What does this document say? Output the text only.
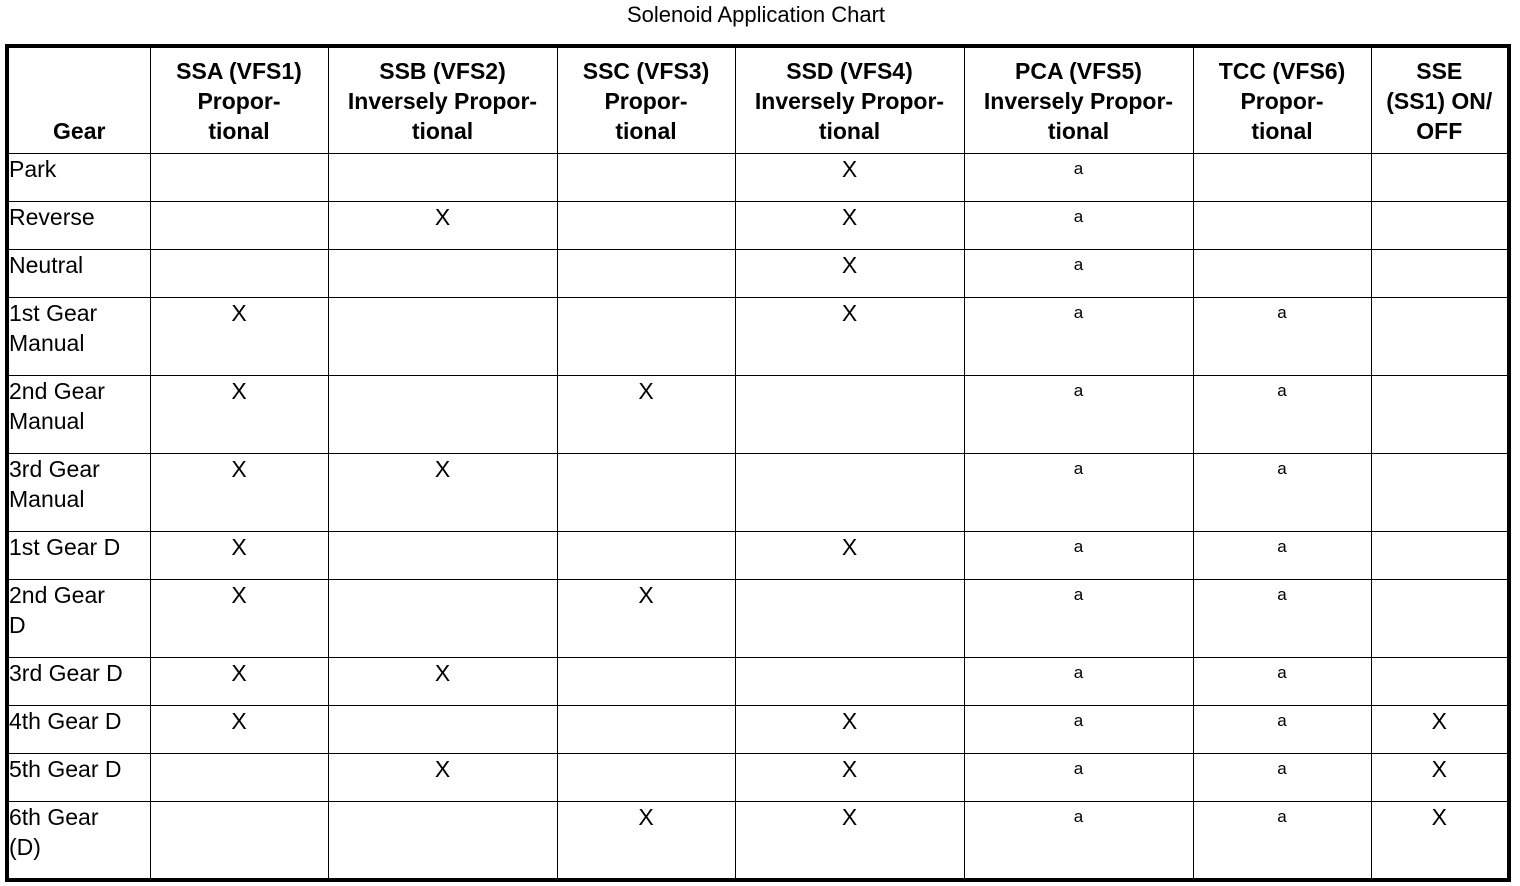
Solenoid Application Chart
Gear	SSA (VFS1)
Propor-
tional	SSB (VFS2)
Inversely Propor-
tional	SSC (VFS3)
Propor-
tional	SSD (VFS4)
Inversely Propor-
tional	PCA (VFS5)
Inversely Propor-
tional	TCC (VFS6)
Propor-
tional	SSE
(SS1) ON/
OFF

Park				X	a		

Reverse		X		X	a		

Neutral				X	a		

1st Gear
Manual	X			X	a	a	

2nd Gear
Manual	X		X		a	a	

3rd Gear
Manual	X	X			a	a	

1st Gear D	X			X	a	a	

2nd Gear
D	X		X		a	a	

3rd Gear D	X	X			a	a	

4th Gear D	X			X	a	a	X

5th Gear D		X		X	a	a	X

6th Gear
(D)			X	X	a	a	X
